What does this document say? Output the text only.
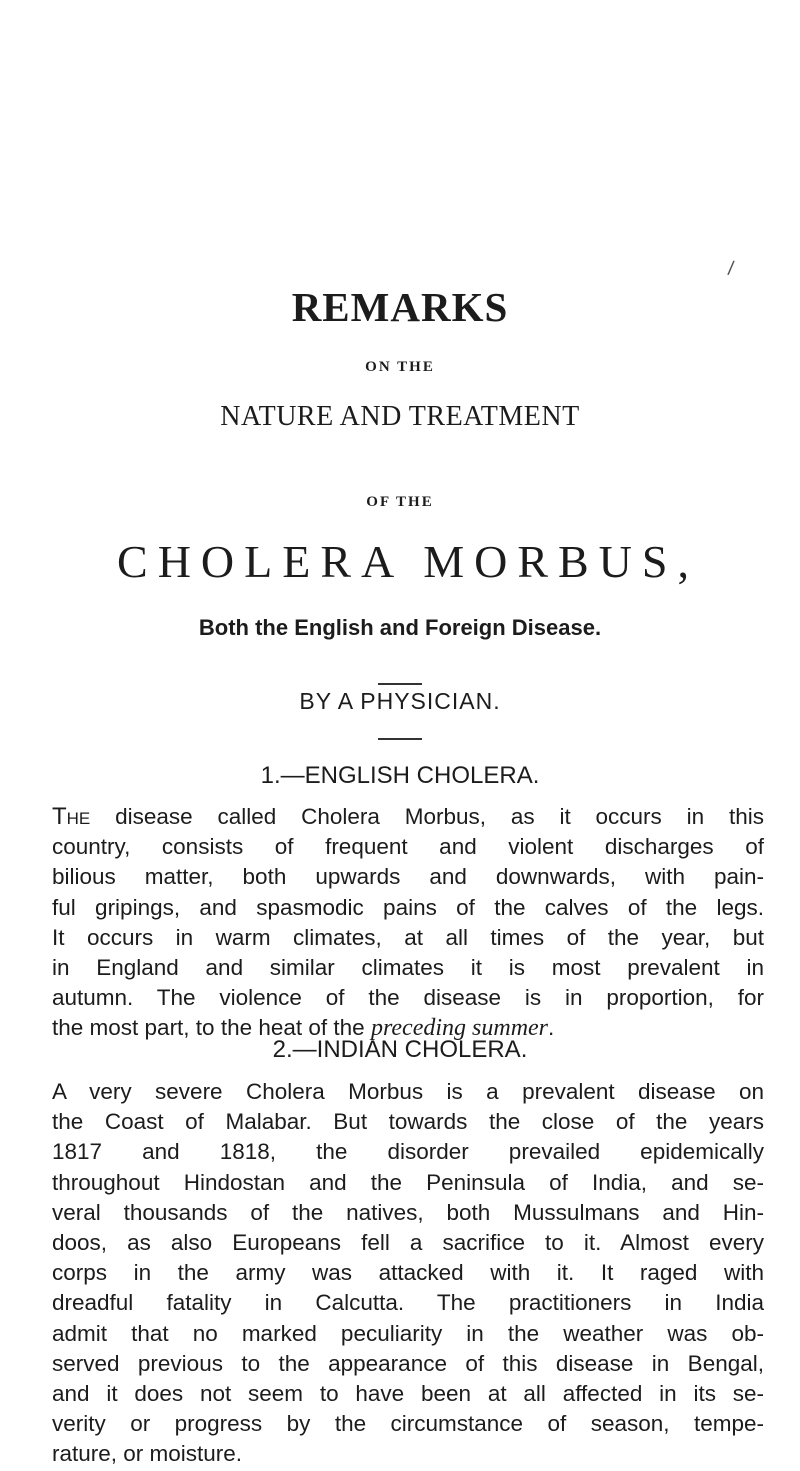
/
REMARKS
ON THE
NATURE AND TREATMENT
OF THE
CHOLERA MORBUS,
Both the English and Foreign Disease.
BY A PHYSICIAN.
1.—ENGLISH CHOLERA.
The disease called Cholera Morbus, as it occurs in this
country, consists of frequent and violent discharges of
bilious matter, both upwards and downwards, with pain-
ful gripings, and spasmodic pains of the calves of the legs.
It occurs in warm climates, at all times of the year, but
in England and similar climates it is most prevalent in
autumn. The violence of the disease is in proportion, for
the most part, to the heat of the preceding summer.
2.—INDIAN CHOLERA.
A very severe Cholera Morbus is a prevalent disease on
the Coast of Malabar. But towards the close of the years
1817 and 1818, the disorder prevailed epidemically
throughout Hindostan and the Peninsula of India, and se-
veral thousands of the natives, both Mussulmans and Hin-
doos, as also Europeans fell a sacrifice to it. Almost every
corps in the army was attacked with it. It raged with
dreadful fatality in Calcutta. The practitioners in India
admit that no marked peculiarity in the weather was ob-
served previous to the appearance of this disease in Bengal,
and it does not seem to have been at all affected in its se-
verity or progress by the circumstance of season, tempe-
rature, or moisture.
